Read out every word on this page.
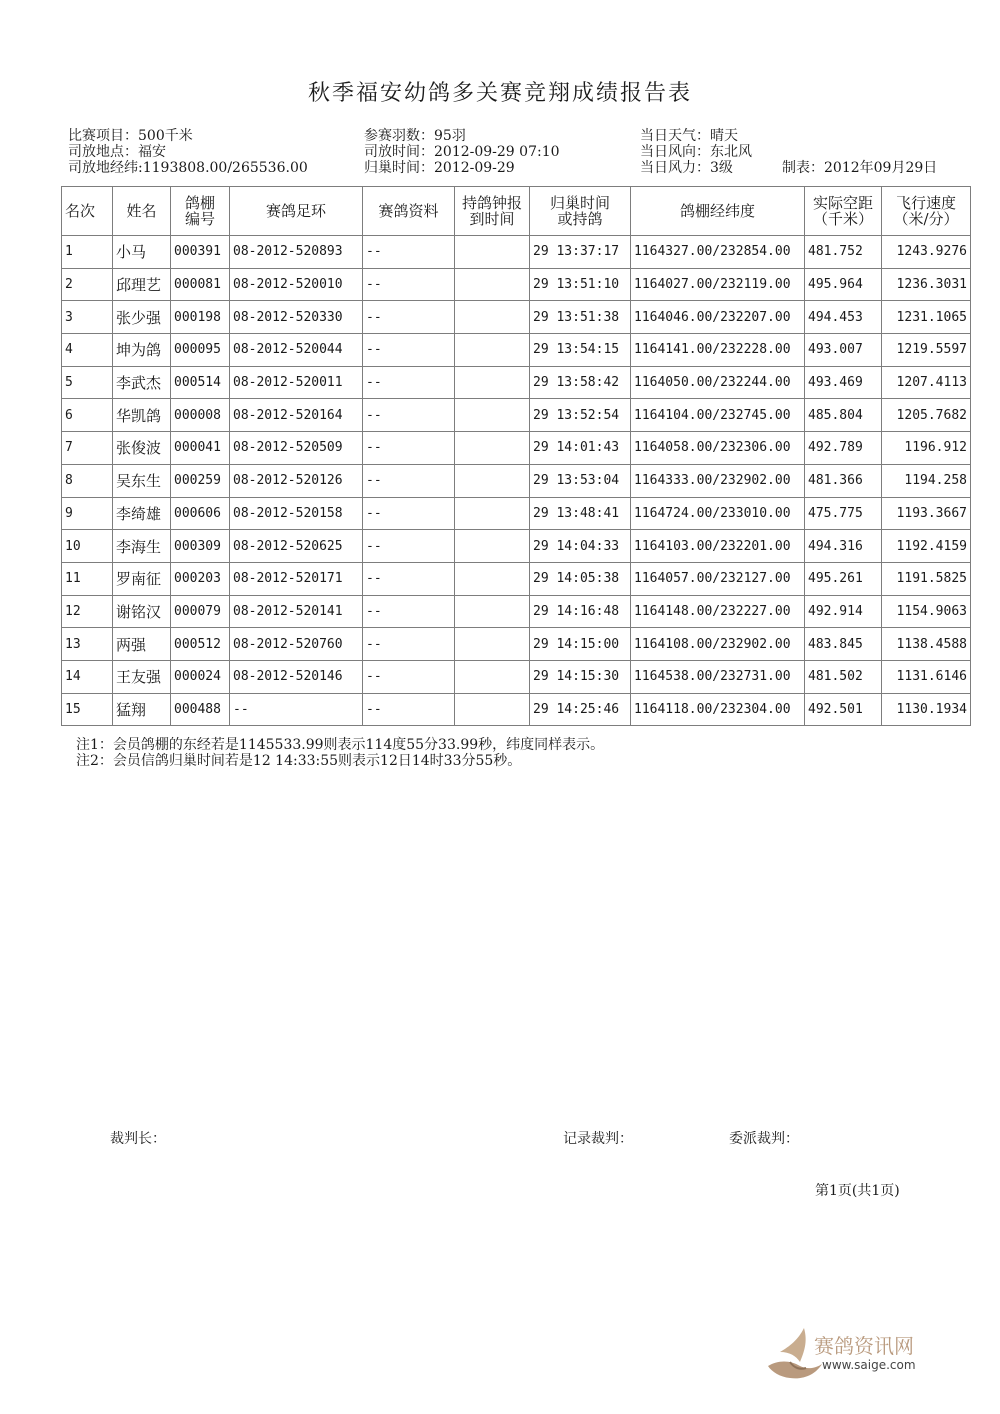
秋季福安幼鸽多关赛竞翔成绩报告表
比赛项目：500千米
司放地点：福安
司放地经纬:1193808.00/265536.00
参赛羽数：95羽
司放时间：2012-09-29 07:10
归巢时间：2012-09-29
当日天气：晴天
当日风向：东北风
当日风力：3级	制表：2012年09月29日
名次	姓名	鸽棚编号	赛鸽足环	赛鸽资料	持鸽钟报到时间	归巢时间或持鸽	鸽棚经纬度	实际空距（千米）	飞行速度（米/分）
1	小马	000391	08-2012-520893	--		29 13:37:17	1164327.00/232854.00	481.752	1243.9276
2	邱理艺	000081	08-2012-520010	--		29 13:51:10	1164027.00/232119.00	495.964	1236.3031
3	张少强	000198	08-2012-520330	--		29 13:51:38	1164046.00/232207.00	494.453	1231.1065
4	坤为鸽	000095	08-2012-520044	--		29 13:54:15	1164141.00/232228.00	493.007	1219.5597
5	李武杰	000514	08-2012-520011	--		29 13:58:42	1164050.00/232244.00	493.469	1207.4113
6	华凯鸽	000008	08-2012-520164	--		29 13:52:54	1164104.00/232745.00	485.804	1205.7682
7	张俊波	000041	08-2012-520509	--		29 14:01:43	1164058.00/232306.00	492.789	1196.912
8	吴东生	000259	08-2012-520126	--		29 13:53:04	1164333.00/232902.00	481.366	1194.258
9	李绮雄	000606	08-2012-520158	--		29 13:48:41	1164724.00/233010.00	475.775	1193.3667
10	李海生	000309	08-2012-520625	--		29 14:04:33	1164103.00/232201.00	494.316	1192.4159
11	罗南征	000203	08-2012-520171	--		29 14:05:38	1164057.00/232127.00	495.261	1191.5825
12	谢铭汉	000079	08-2012-520141	--		29 14:16:48	1164148.00/232227.00	492.914	1154.9063
13	两强	000512	08-2012-520760	--		29 14:15:00	1164108.00/232902.00	483.845	1138.4588
14	王友强	000024	08-2012-520146	--		29 14:15:30	1164538.00/232731.00	481.502	1131.6146
15	猛翔	000488	--	--		29 14:25:46	1164118.00/232304.00	492.501	1130.1934
注1：会员鸽棚的东经若是1145533.99则表示114度55分33.99秒，纬度同样表示。
注2：会员信鸽归巢时间若是12 14:33:55则表示12日14时33分55秒。
裁判长：	记录裁判：	委派裁判：
第1页(共1页)
赛鸽资讯网
www.saige.com
